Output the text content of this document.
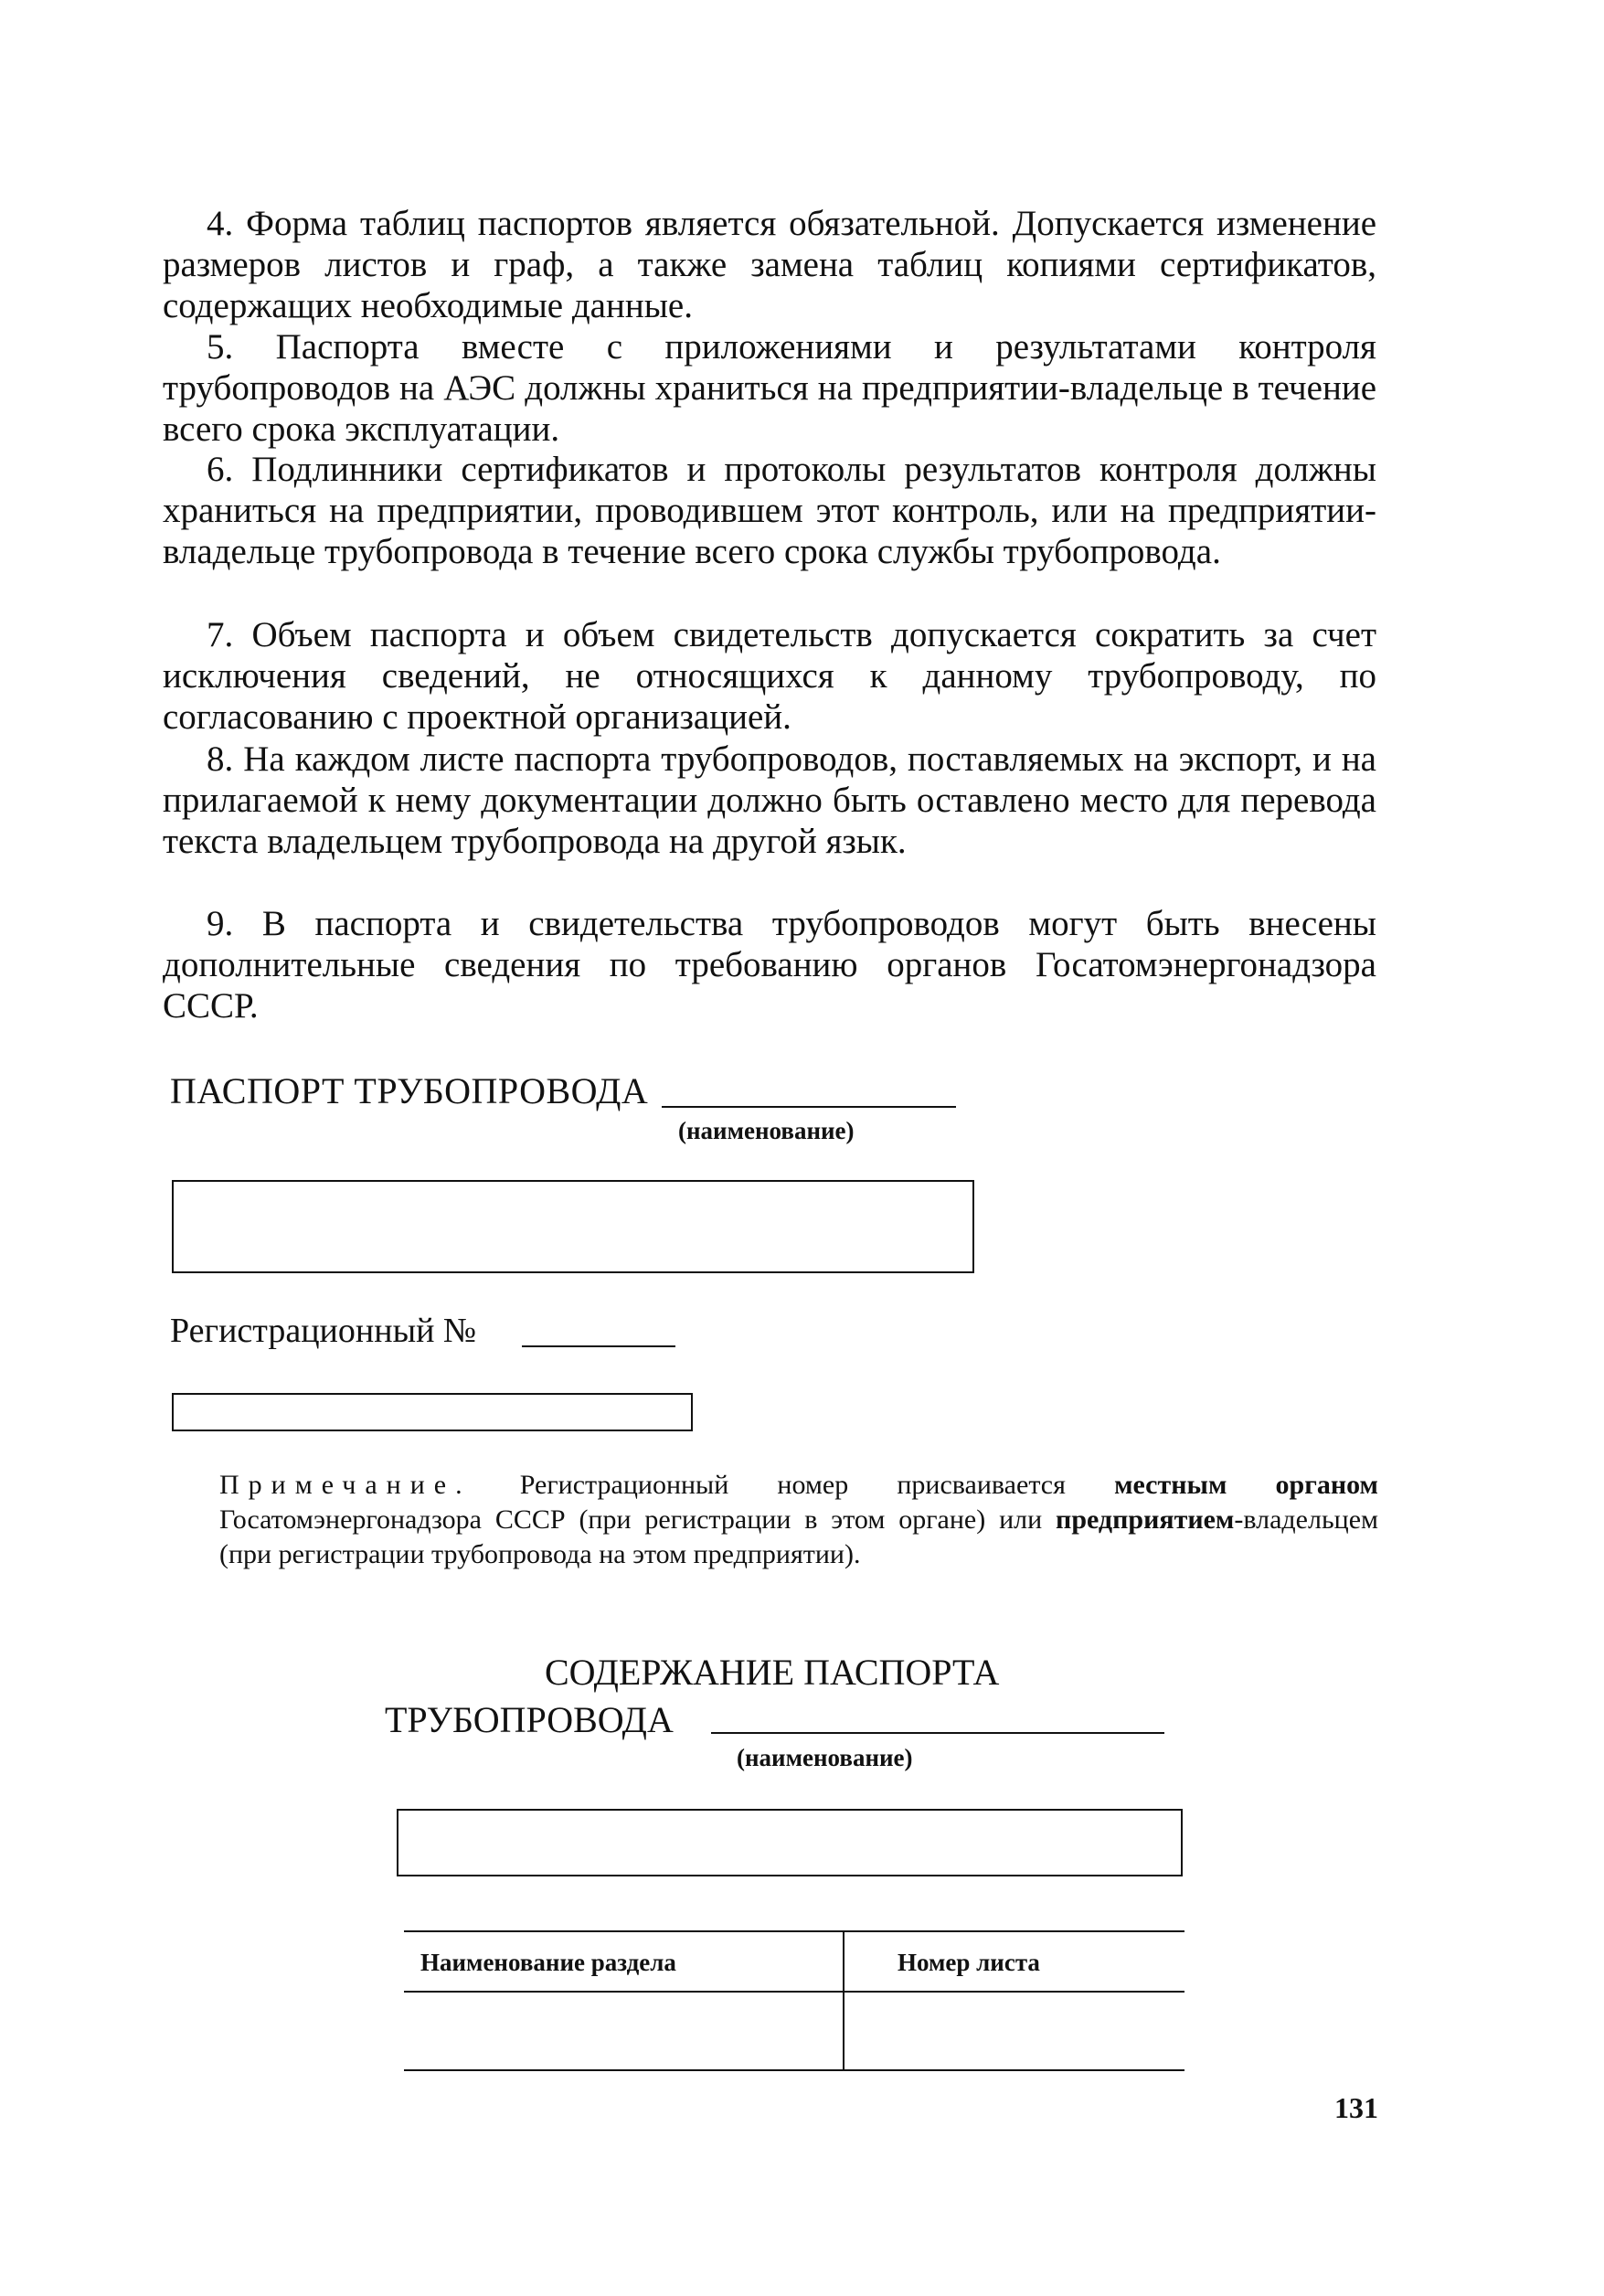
4. Форма таблиц паспортов является обязательной. Допускается изменение размеров листов и граф, а также замена таблиц копиями сертификатов, содержащих необходимые данные.

5. Паспорта вместе с приложениями и результатами контроля трубопроводов на АЭС должны храниться на предприятии-владельце в течение всего срока эксплуатации.

6. Подлинники сертификатов и протоколы результатов контроля должны храниться на предприятии, проводившем этот контроль, или на предприятии-владельце трубопровода в течение всего срока службы трубопровода.

7. Объем паспорта и объем свидетельств допускается сократить за счет исключения сведений, не относящихся к данному трубопроводу, по согласованию с проектной организацией.

8. На каждом листе паспорта трубопроводов, поставляемых на экспорт, и на прилагаемой к нему документации должно быть оставлено место для перевода текста владельцем трубопровода на другой язык.

9. В паспорта и свидетельства трубопроводов могут быть внесены дополнительные сведения по требованию органов Госатомэнергонадзора СССР.

ПАСПОРТ ТРУБОПРОВОДА
(наименование)
Регистрационный №

Примечание. Регистрационный номер присваивается местным органом Госатомэнергонадзора СССР (при регистрации в этом органе) или предприятием-владельцем (при регистрации трубопровода на этом предприятии).

СОДЕРЖАНИЕ ПАСПОРТА
ТРУБОПРОВОДА
(наименование)
Наименование раздела	Номер листа
131
